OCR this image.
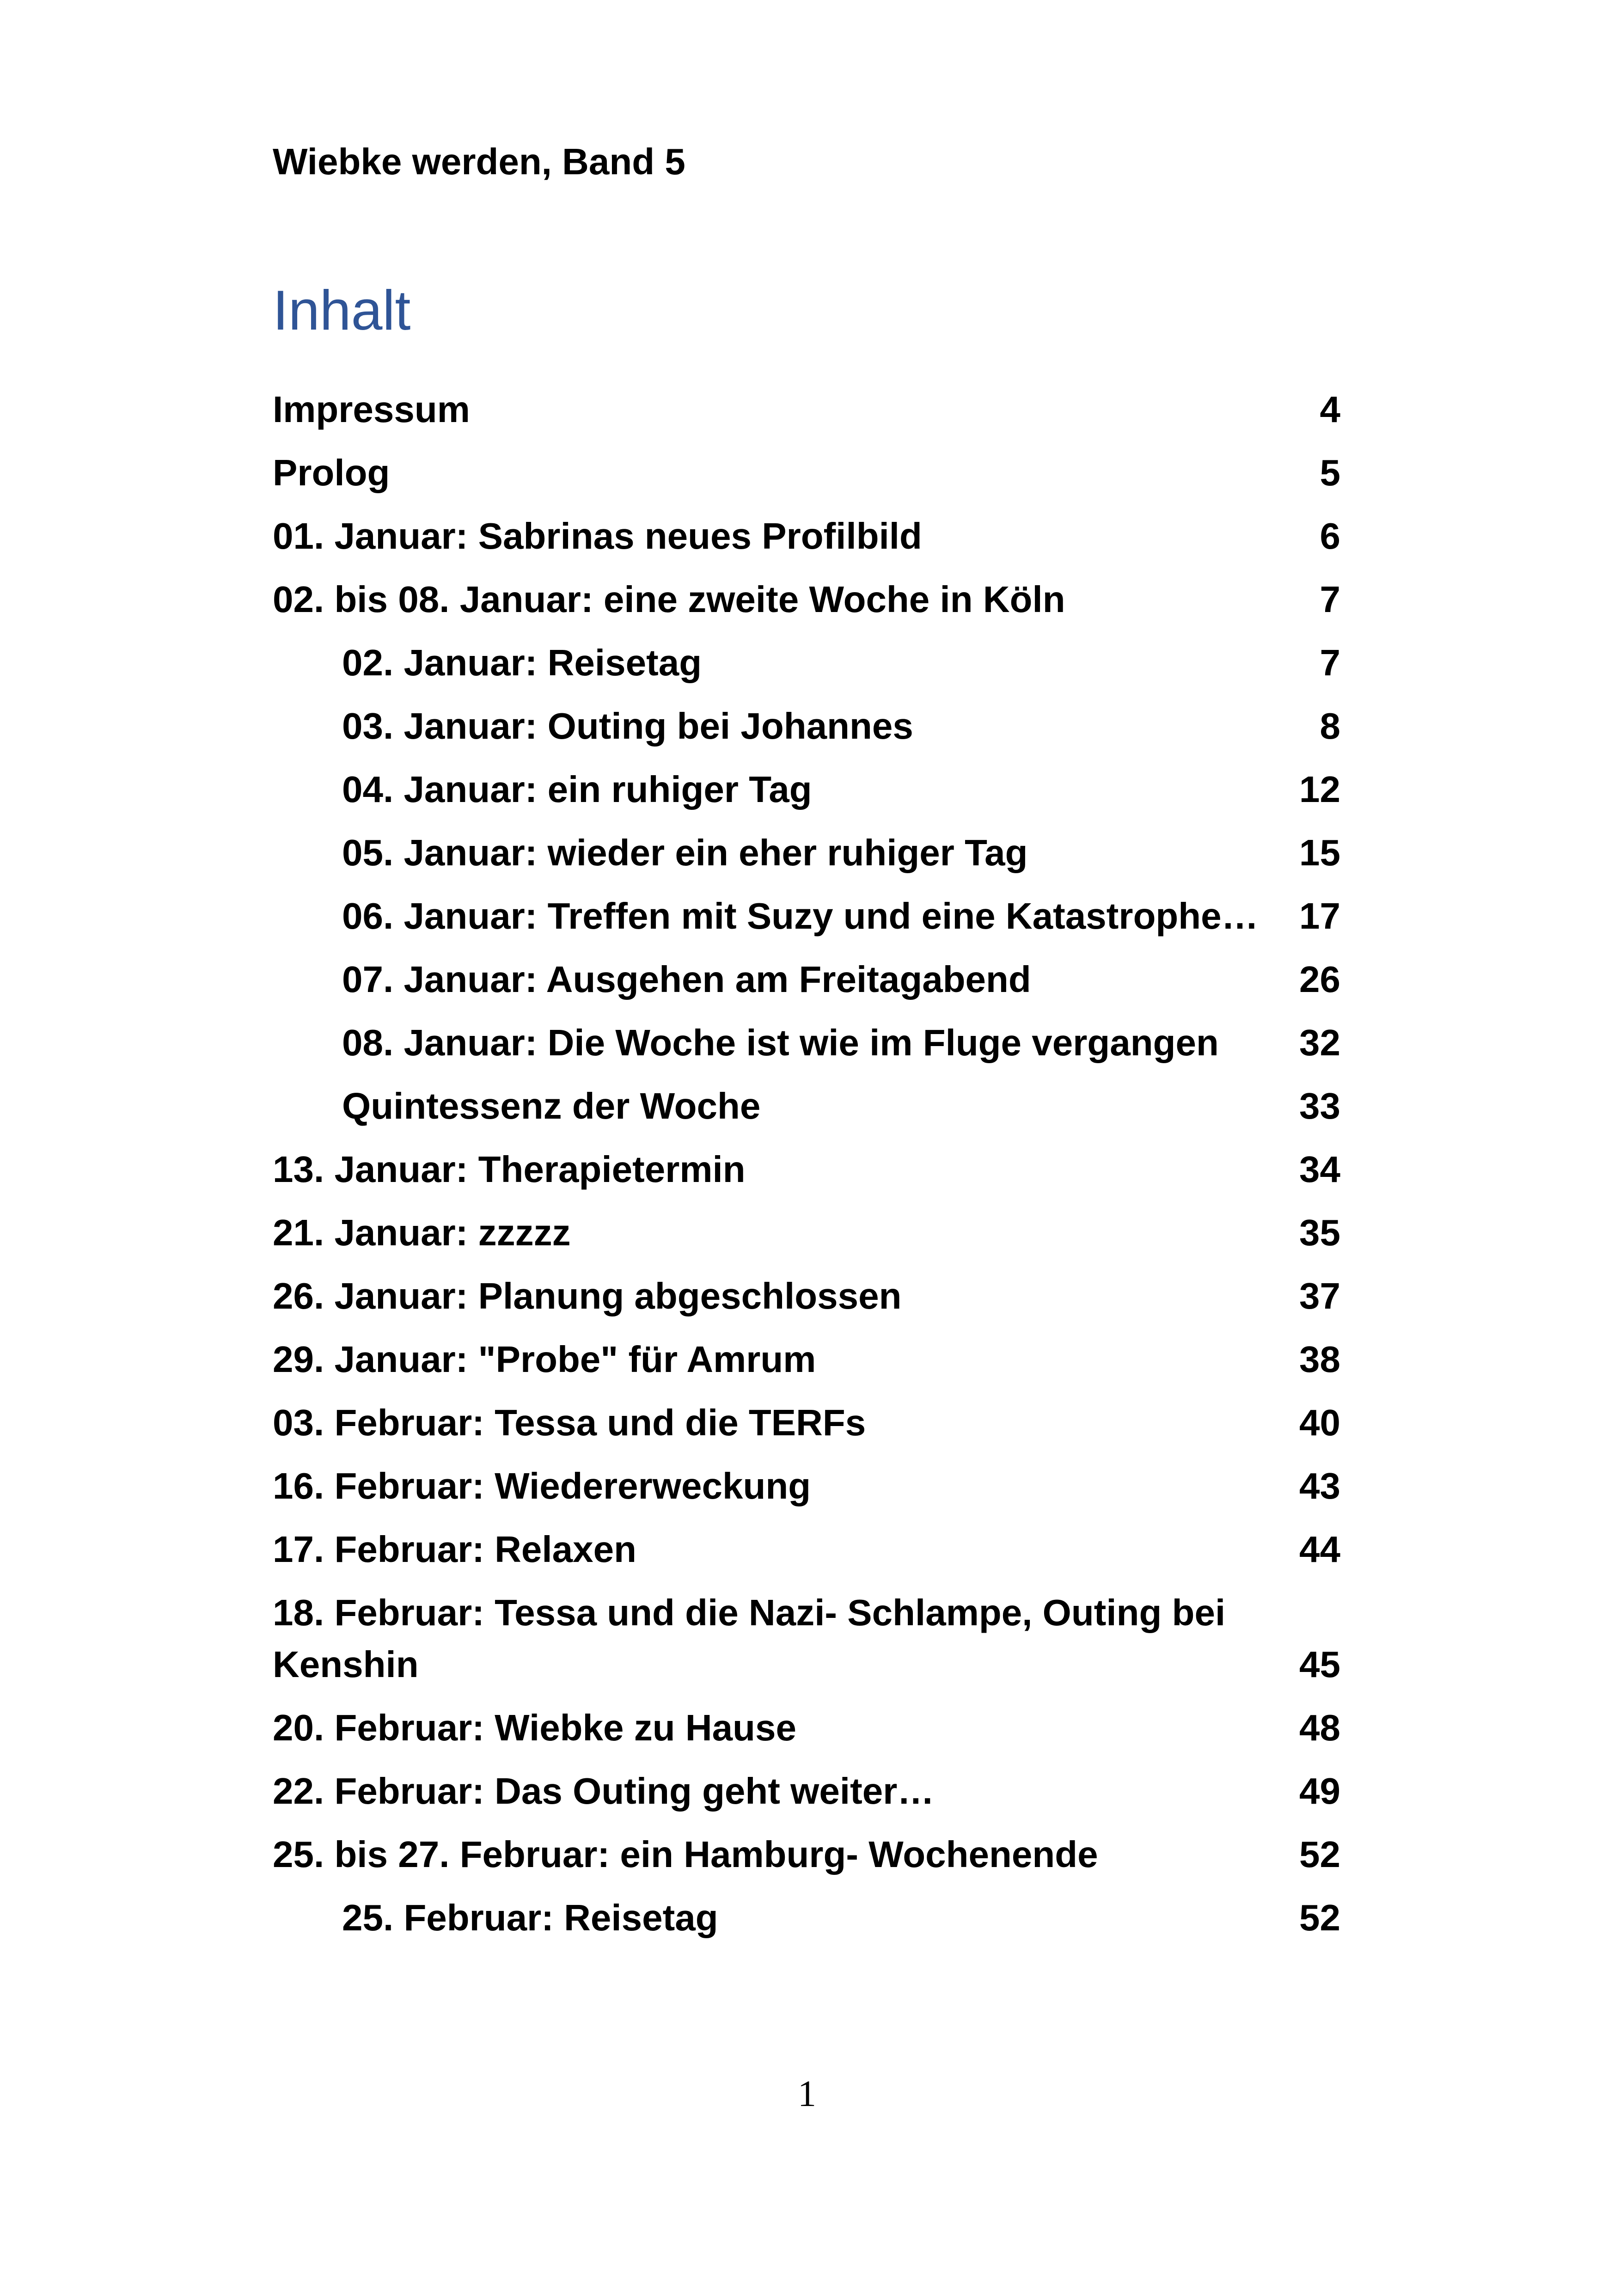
Wiebke werden, Band 5
Inhalt
Impressum	4
Prolog	5
01. Januar: Sabrinas neues Profilbild	6
02. bis 08. Januar: eine zweite Woche in Köln	7
02. Januar: Reisetag	7
03. Januar: Outing bei Johannes	8
04. Januar: ein ruhiger Tag	12
05. Januar: wieder ein eher ruhiger Tag	15
06. Januar: Treffen mit Suzy und eine Katastrophe…	17
07. Januar: Ausgehen am Freitagabend	26
08. Januar: Die Woche ist wie im Fluge vergangen	32
Quintessenz der Woche	33
13. Januar: Therapietermin	34
21. Januar: zzzzz	35
26. Januar: Planung abgeschlossen	37
29. Januar: "Probe" für Amrum	38
03. Februar: Tessa und die TERFs	40
16. Februar: Wiedererweckung	43
17. Februar: Relaxen	44
18. Februar: Tessa und die Nazi- Schlampe, Outing bei Kenshin	45
20. Februar: Wiebke zu Hause	48
22. Februar: Das Outing geht weiter…	49
25. bis 27. Februar: ein Hamburg- Wochenende	52
25. Februar: Reisetag	52
1
